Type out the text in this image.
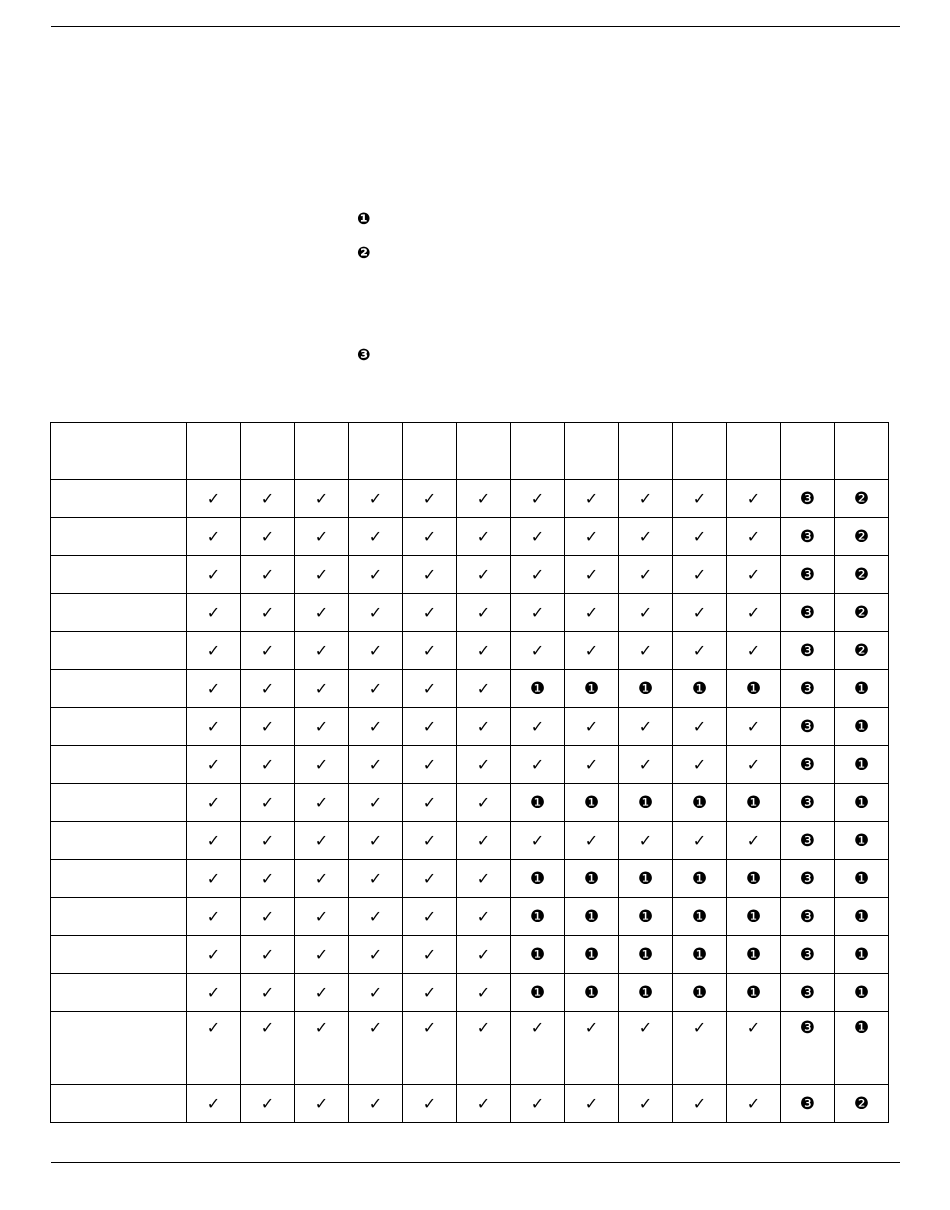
❶
❷
❸

	✓	✓	✓	✓	✓	✓	✓	✓	✓	✓	✓	❸	❷
	✓	✓	✓	✓	✓	✓	✓	✓	✓	✓	✓	❸	❷
	✓	✓	✓	✓	✓	✓	✓	✓	✓	✓	✓	❸	❷
	✓	✓	✓	✓	✓	✓	✓	✓	✓	✓	✓	❸	❷
	✓	✓	✓	✓	✓	✓	✓	✓	✓	✓	✓	❸	❷
	✓	✓	✓	✓	✓	✓	❶	❶	❶	❶	❶	❸	❶
	✓	✓	✓	✓	✓	✓	✓	✓	✓	✓	✓	❸	❶
	✓	✓	✓	✓	✓	✓	✓	✓	✓	✓	✓	❸	❶
	✓	✓	✓	✓	✓	✓	❶	❶	❶	❶	❶	❸	❶
	✓	✓	✓	✓	✓	✓	✓	✓	✓	✓	✓	❸	❶
	✓	✓	✓	✓	✓	✓	❶	❶	❶	❶	❶	❸	❶
	✓	✓	✓	✓	✓	✓	❶	❶	❶	❶	❶	❸	❶
	✓	✓	✓	✓	✓	✓	❶	❶	❶	❶	❶	❸	❶
	✓	✓	✓	✓	✓	✓	❶	❶	❶	❶	❶	❸	❶
	✓	✓	✓	✓	✓	✓	✓	✓	✓	✓	✓	❸	❶
	✓	✓	✓	✓	✓	✓	✓	✓	✓	✓	✓	❸	❷
